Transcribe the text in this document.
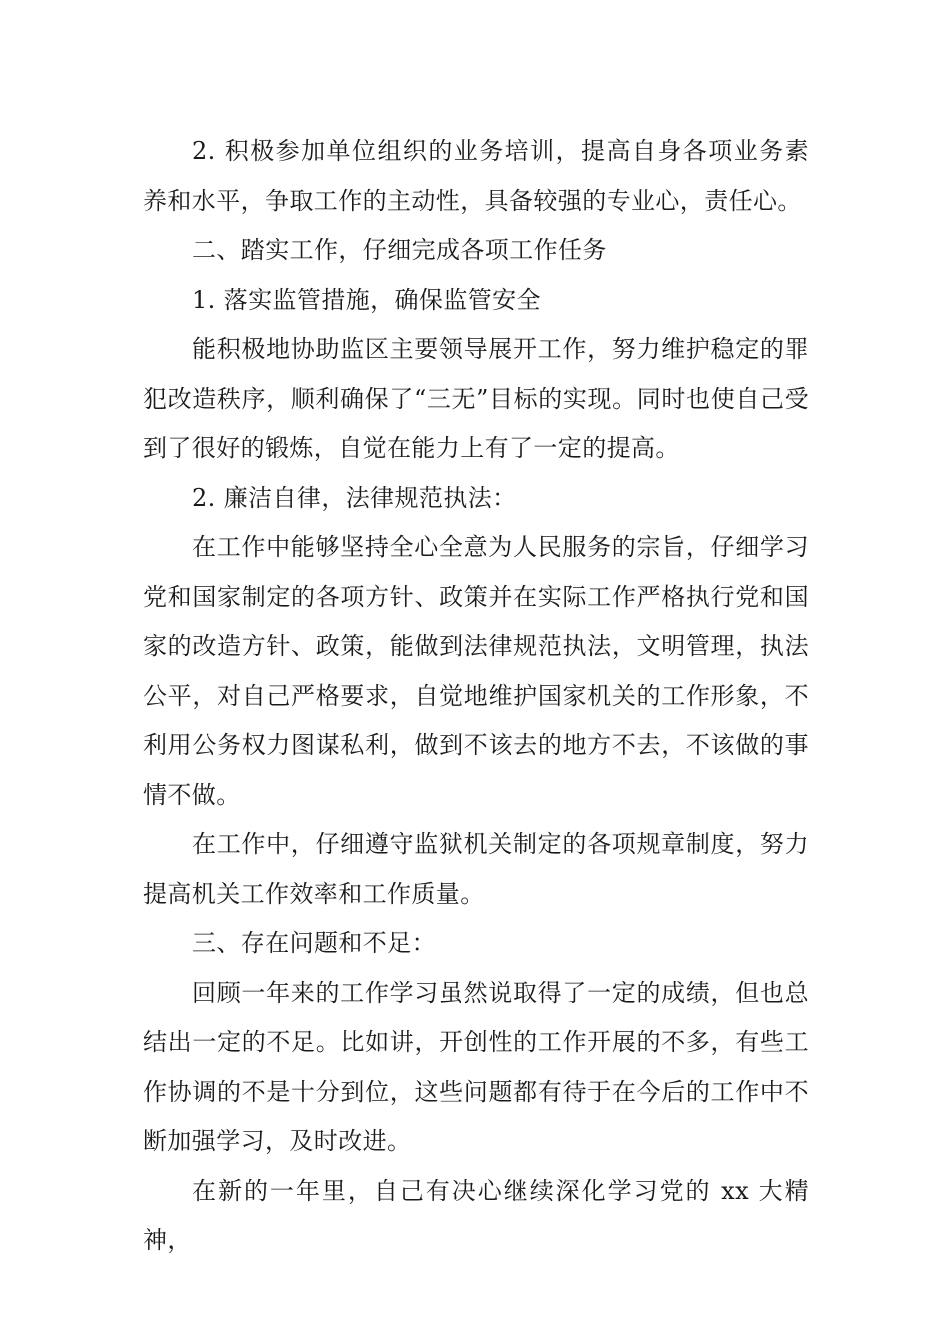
2. 积极参加单位组织的业务培训，提高自身各项业务素养和水平，争取工作的主动性，具备较强的专业心，责任心。

二、踏实工作，仔细完成各项工作任务

1. 落实监管措施，确保监管安全

能积极地协助监区主要领导展开工作，努力维护稳定的罪犯改造秩序，顺利确保了“三无”目标的实现。同时也使自己受到了很好的锻炼，自觉在能力上有了一定的提高。

2. 廉洁自律，法律规范执法：

在工作中能够坚持全心全意为人民服务的宗旨，仔细学习党和国家制定的各项方针、政策并在实际工作严格执行党和国家的改造方针、政策，能做到法律规范执法，文明管理，执法公平，对自己严格要求，自觉地维护国家机关的工作形象，不利用公务权力图谋私利，做到不该去的地方不去，不该做的事情不做。

在工作中，仔细遵守监狱机关制定的各项规章制度，努力提高机关工作效率和工作质量。

三、存在问题和不足：

回顾一年来的工作学习虽然说取得了一定的成绩，但也总结出一定的不足。比如讲，开创性的工作开展的不多，有些工作协调的不是十分到位，这些问题都有待于在今后的工作中不断加强学习，及时改进。

在新的一年里，自己有决心继续深化学习党的 xx 大精神，
